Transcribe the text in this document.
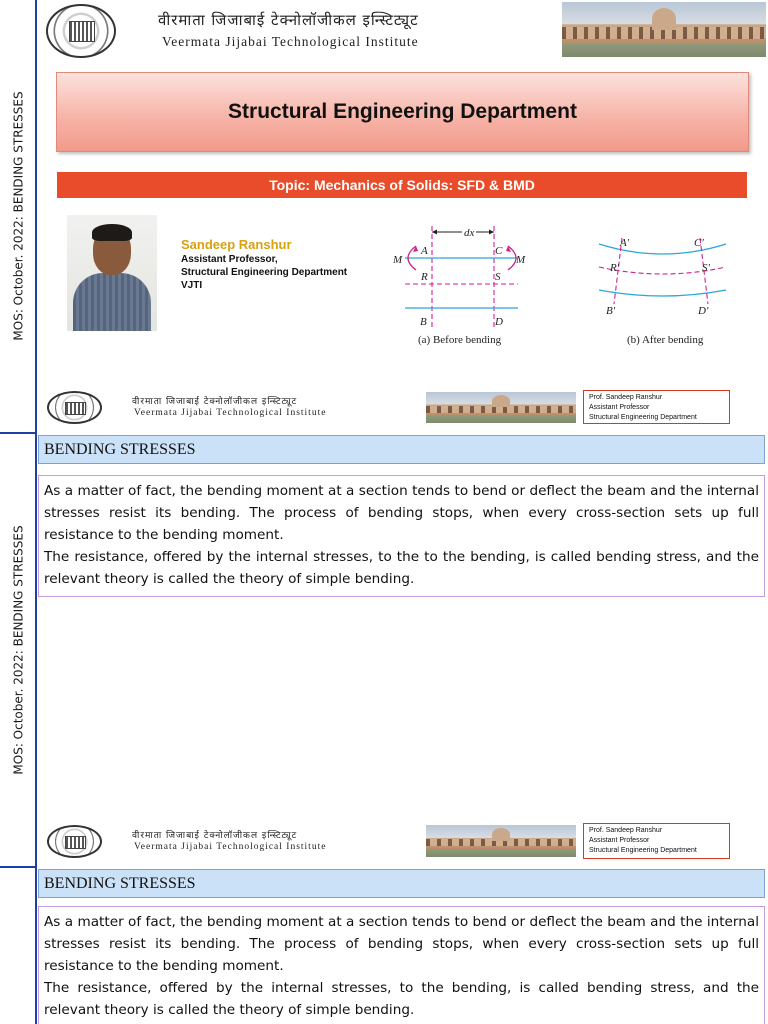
MOS: October. 2022: BENDING STRESSES
वीरमाता जिजाबाई टेक्नोलॉजीकल इन्स्टिट्यूट
Veermata Jijabai Technological Institute
Structural Engineering Department
Topic: Mechanics of Solids: SFD & BMD
Sandeep Ranshur
Assistant Professor,
Structural Engineering Department
VJTI
dx
M	M
A	C
R	S
B	D
(a) Before bending
A'	C'
R'	S'
B'	D'
(b) After bending
वीरमाता जिजाबाई टेक्नोलॉजीकल इन्स्टिट्यूट
Veermata Jijabai Technological Institute
Prof. Sandeep Ranshur
Assistant Professor
Structural Engineering Department
MOS: October. 2022: BENDING STRESSES
BENDING STRESSES

As a matter of fact, the bending moment at a section tends to bend or deflect the beam and the internal stresses resist its bending. The process of bending stops, when every cross-section sets up full resistance to the bending moment.

The resistance, offered by the internal stresses, to the to the bending, is called bending stress, and the relevant theory is called the theory of simple bending.

वीरमाता जिजाबाई टेक्नोलॉजीकल इन्स्टिट्यूट
Veermata Jijabai Technological Institute
Prof. Sandeep Ranshur
Assistant Professor
Structural Engineering Department
BENDING STRESSES

As a matter of fact, the bending moment at a section tends to bend or deflect the beam and the internal stresses resist its bending. The process of bending stops, when every cross-section sets up full resistance to the bending moment.

The resistance, offered by the internal stresses, to the bending, is called bending stress, and the relevant theory is called the theory of simple bending.
